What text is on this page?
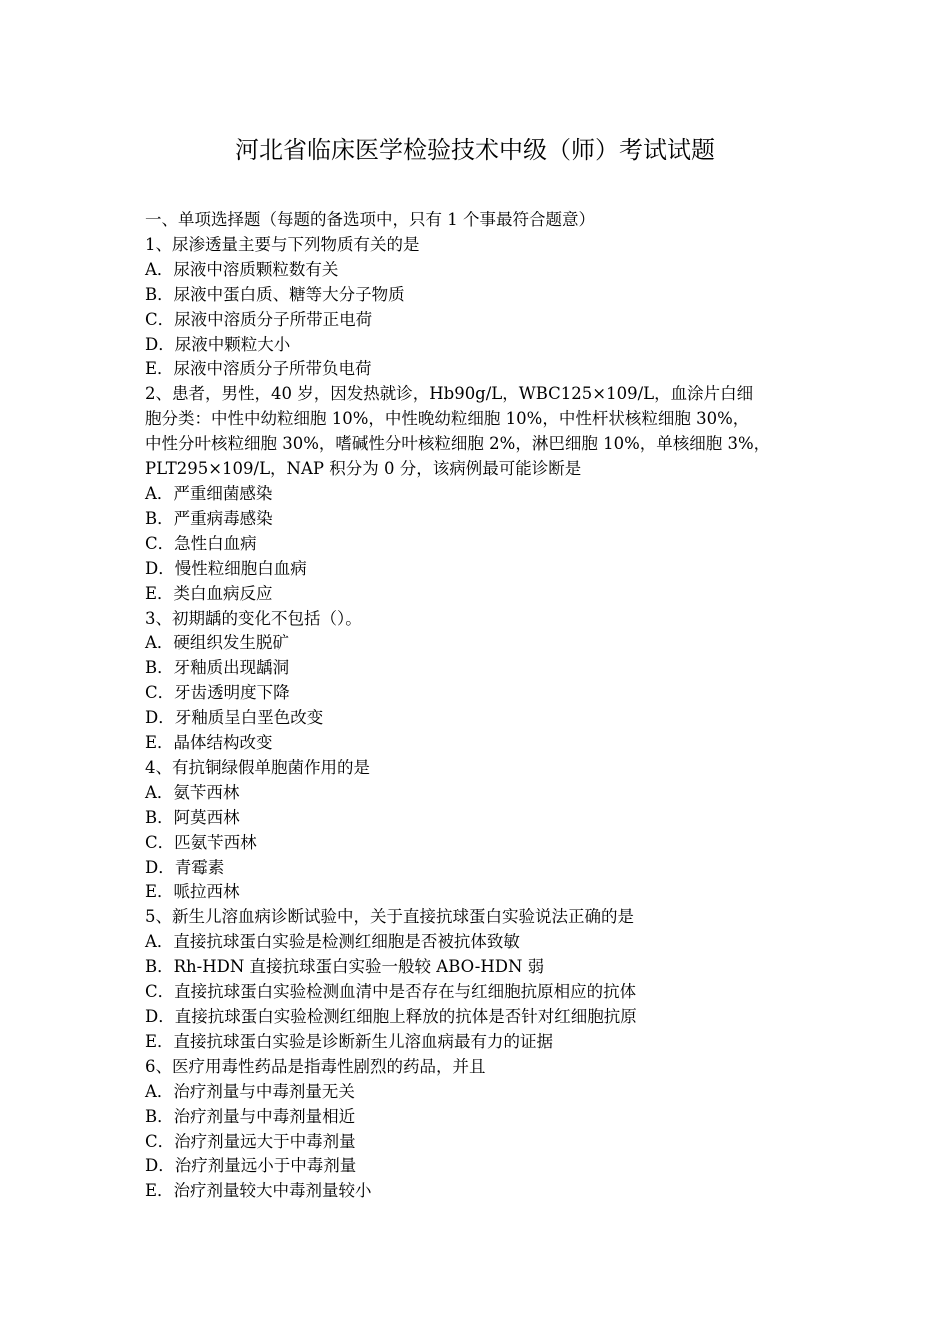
河北省临床医学检验技术中级（师）考试试题
一、单项选择题（每题的备选项中，只有 1 个事最符合题意）
1、尿渗透量主要与下列物质有关的是
A．尿液中溶质颗粒数有关
B．尿液中蛋白质、糖等大分子物质
C．尿液中溶质分子所带正电荷
D．尿液中颗粒大小
E．尿液中溶质分子所带负电荷
2、患者，男性，40 岁，因发热就诊，Hb90g/L，WBC125×109/L，血涂片白细
胞分类：中性中幼粒细胞 10%，中性晚幼粒细胞 10%，中性杆状核粒细胞 30%，
中性分叶核粒细胞 30%，嗜碱性分叶核粒细胞 2%，淋巴细胞 10%，单核细胞 3%，
PLT295×109/L，NAP 积分为 0 分，该病例最可能诊断是
A．严重细菌感染
B．严重病毒感染
C．急性白血病
D．慢性粒细胞白血病
E．类白血病反应
3、初期龋的变化不包括（）。
A．硬组织发生脱矿
B．牙釉质出现龋洞
C．牙齿透明度下降
D．牙釉质呈白垩色改变
E．晶体结构改变
4、有抗铜绿假单胞菌作用的是
A．氨苄西林
B．阿莫西林
C．匹氨苄西林
D．青霉素
E．哌拉西林
5、新生儿溶血病诊断试验中，关于直接抗球蛋白实验说法正确的是
A．直接抗球蛋白实验是检测红细胞是否被抗体致敏
B．Rh-HDN 直接抗球蛋白实验一般较 ABO-HDN 弱
C．直接抗球蛋白实验检测血清中是否存在与红细胞抗原相应的抗体
D．直接抗球蛋白实验检测红细胞上释放的抗体是否针对红细胞抗原
E．直接抗球蛋白实验是诊断新生儿溶血病最有力的证据
6、医疗用毒性药品是指毒性剧烈的药品，并且
A．治疗剂量与中毒剂量无关
B．治疗剂量与中毒剂量相近
C．治疗剂量远大于中毒剂量
D．治疗剂量远小于中毒剂量
E．治疗剂量较大中毒剂量较小
